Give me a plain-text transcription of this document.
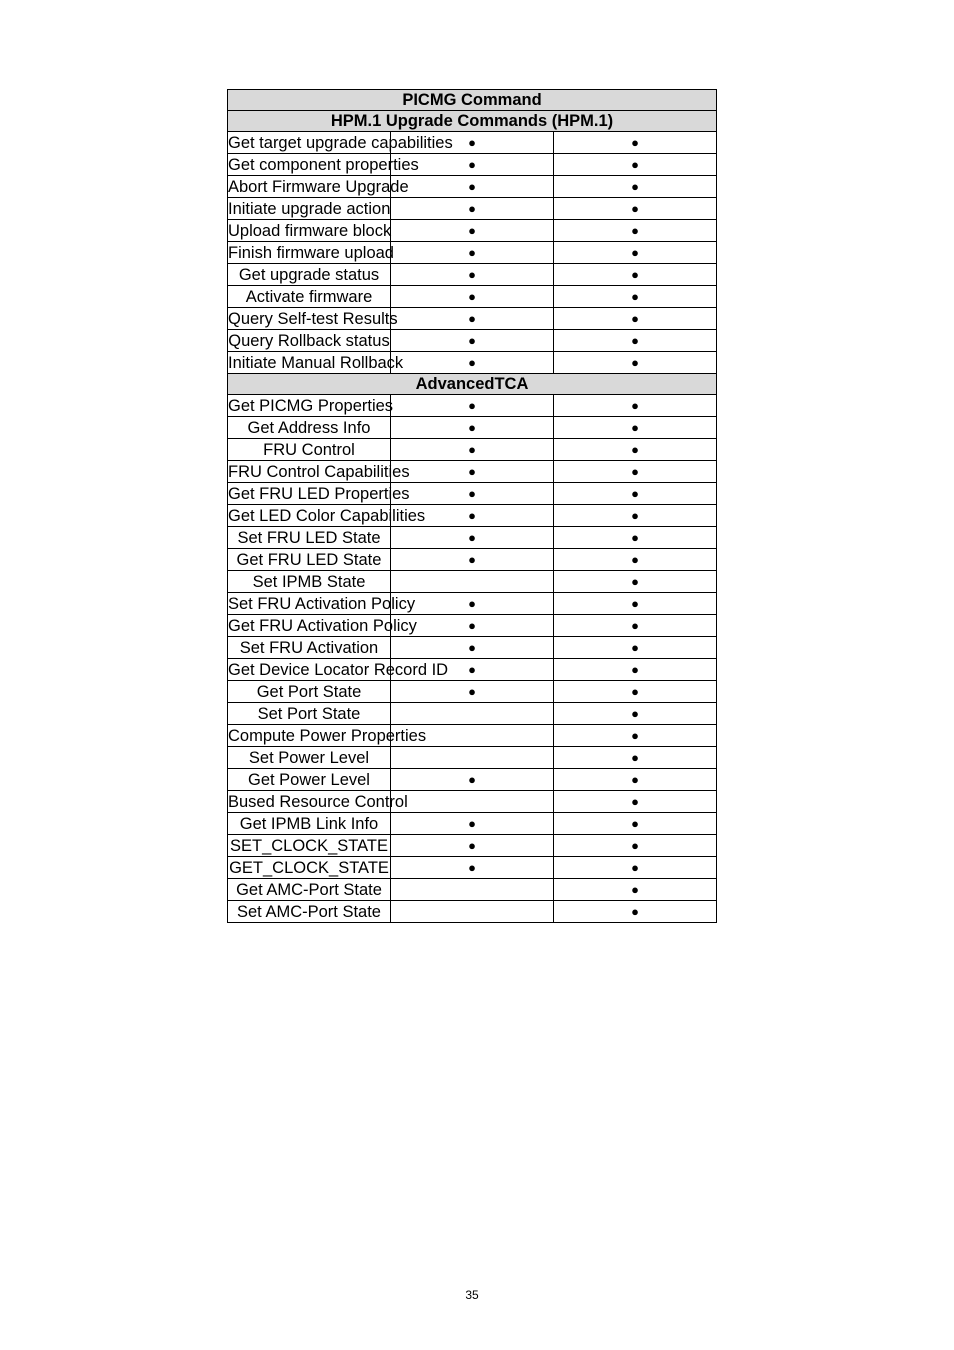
PICMG Command		
HPM.1 Upgrade Commands (HPM.1)		
Get target upgrade capabilities	●	●
Get component properties	●	●
Abort Firmware Upgrade	●	●
Initiate upgrade action	●	●
Upload firmware block	●	●
Finish firmware upload	●	●
Get upgrade status	●	●
Activate firmware	●	●
Query Self-test Results	●	●
Query Rollback status	●	●
Initiate Manual Rollback	●	●
AdvancedTCA		
Get PICMG Properties	●	●
Get Address Info	●	●
FRU Control	●	●
FRU Control Capabilities	●	●
Get FRU LED Properties	●	●
Get LED Color Capabilities	●	●
Set FRU LED State	●	●
Get FRU LED State	●	●
Set IPMB State		●
Set FRU Activation Policy	●	●
Get FRU Activation Policy	●	●
Set FRU Activation	●	●
Get Device Locator Record ID	●	●
Get Port State	●	●
Set Port State		●
Compute Power Properties		●
Set Power Level		●
Get Power Level	●	●
Bused Resource Control		●
Get IPMB Link Info	●	●
SET_CLOCK_STATE	●	●
GET_CLOCK_STATE	●	●
Get AMC-Port State		●
Set AMC-Port State		●
35
